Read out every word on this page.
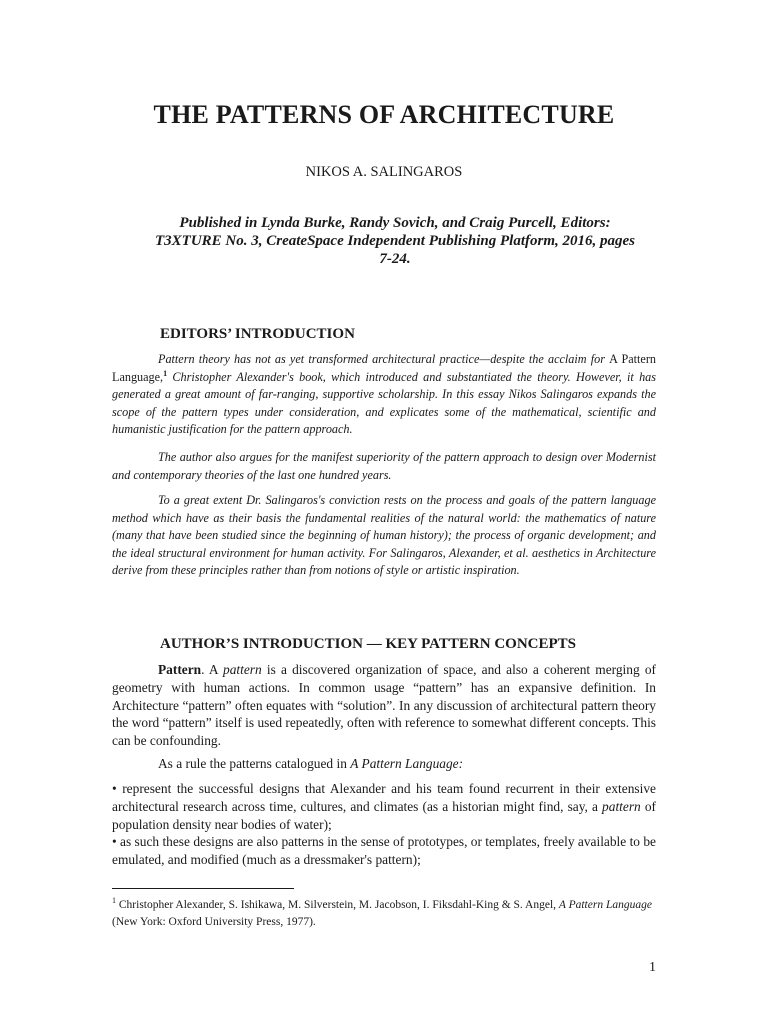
THE PATTERNS OF ARCHITECTURE

NIKOS A. SALINGAROS

Published in Lynda Burke, Randy Sovich, and Craig Purcell, Editors: T3XTURE No. 3, CreateSpace Independent Publishing Platform, 2016, pages 7-24.

EDITORS’ INTRODUCTION

Pattern theory has not as yet transformed architectural practice—despite the acclaim for A Pattern Language,$^1$ Christopher Alexander's book, which introduced and substantiated the theory. However, it has generated a great amount of far-ranging, supportive scholarship. In this essay Nikos Salingaros expands the scope of the pattern types under consideration, and explicates some of the mathematical, scientific and humanistic justification for the pattern approach.

The author also argues for the manifest superiority of the pattern approach to design over Modernist and contemporary theories of the last one hundred years.

To a great extent Dr. Salingaros's conviction rests on the process and goals of the pattern language method which have as their basis the fundamental realities of the natural world: the mathematics of nature (many that have been studied since the beginning of human history); the process of organic development; and the ideal structural environment for human activity. For Salingaros, Alexander, et al. aesthetics in Architecture derive from these principles rather than from notions of style or artistic inspiration.

AUTHOR’S INTRODUCTION — KEY PATTERN CONCEPTS

Pattern. A pattern is a discovered organization of space, and also a coherent merging of geometry with human actions. In common usage “pattern” has an expansive definition. In Architecture “pattern” often equates with “solution”. In any discussion of architectural pattern theory the word “pattern” itself is used repeatedly, often with reference to somewhat different concepts. This can be confounding.

As a rule the patterns catalogued in A Pattern Language:

• represent the successful designs that Alexander and his team found recurrent in their extensive architectural research across time, cultures, and climates (as a historian might find, say, a pattern of population density near bodies of water);

• as such these designs are also patterns in the sense of prototypes, or templates, freely available to be emulated, and modified (much as a dressmaker's pattern);

$^1$ Christopher Alexander, S. Ishikawa, M. Silverstein, M. Jacobson, I. Fiksdahl-King & S. Angel, A Pattern Language (New York: Oxford University Press, 1977).

1
